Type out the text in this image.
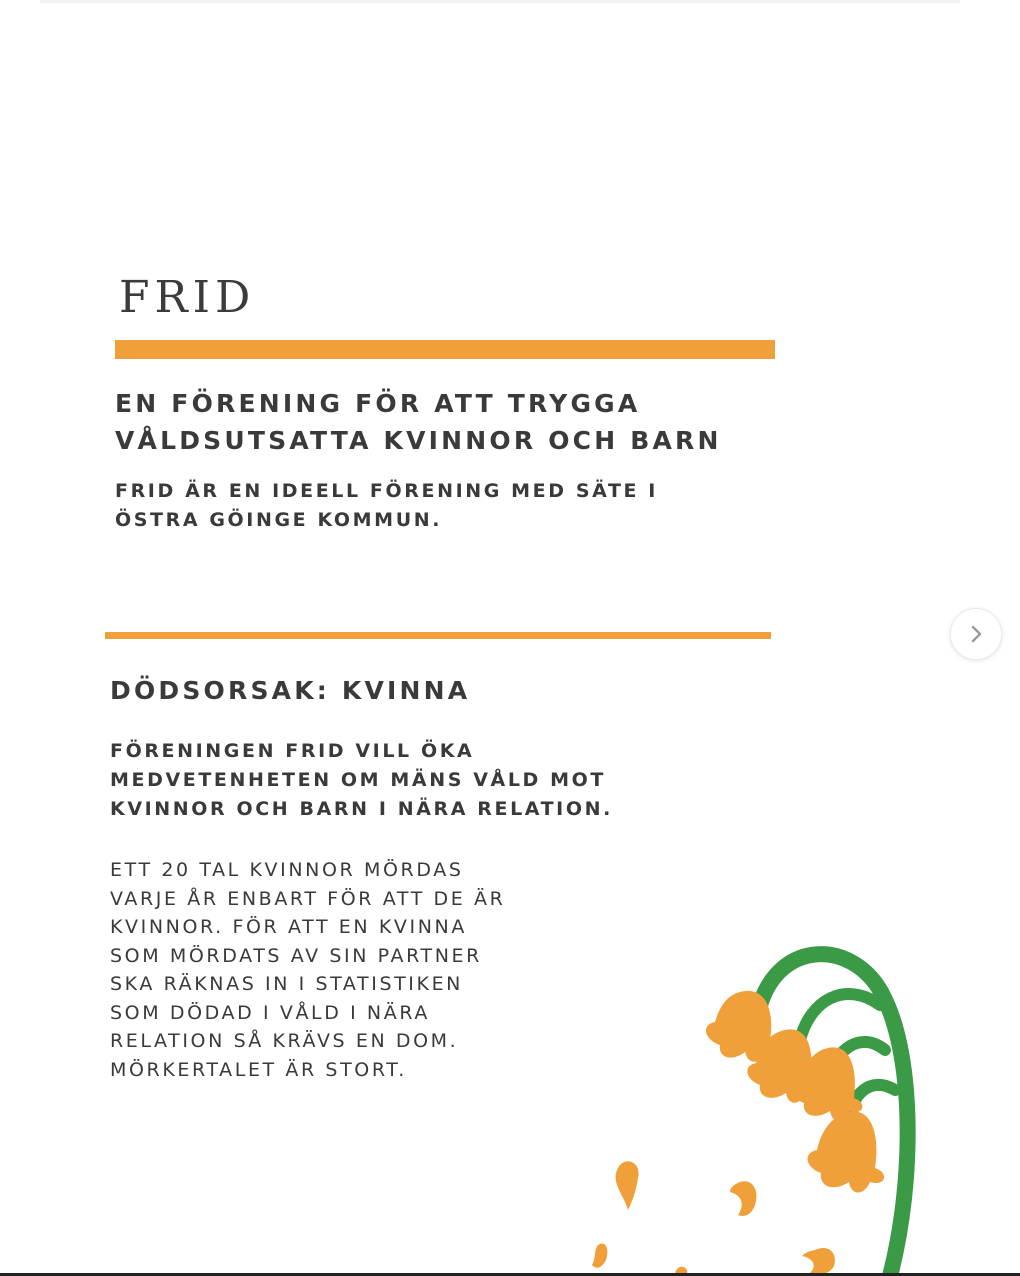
FRID
EN FÖRENING FÖR ATT TRYGGA
VÅLDSUTSATTA KVINNOR OCH BARN
FRID ÄR EN IDEELL FÖRENING MED SÄTE I
ÖSTRA GÖINGE KOMMUN.
DÖDSORSAK: KVINNA
FÖRENINGEN FRID VILL ÖKA
MEDVETENHETEN OM MÄNS VÅLD MOT
KVINNOR OCH BARN I NÄRA RELATION.
ETT 20 TAL KVINNOR MÖRDAS
VARJE ÅR ENBART FÖR ATT DE ÄR
KVINNOR. FÖR ATT EN KVINNA
SOM MÖRDATS AV SIN PARTNER
SKA RÄKNAS IN I STATISTIKEN
SOM DÖDAD I VÅLD I NÄRA
RELATION SÅ KRÄVS EN DOM.
MÖRKERTALET ÄR STORT.
